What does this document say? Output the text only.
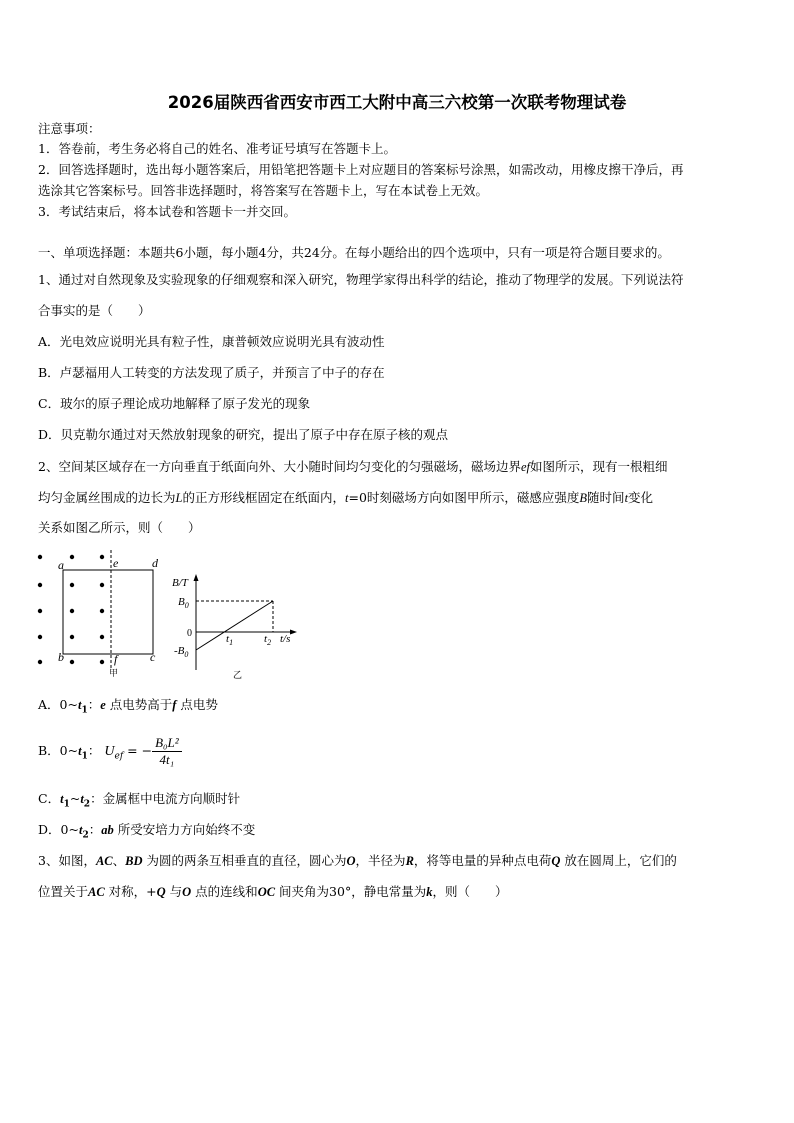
2026届陕西省西安市西工大附中高三六校第一次联考物理试卷
注意事项：
1．答卷前，考生务必将自己的姓名、准考证号填写在答题卡上。
2．回答选择题时，选出每小题答案后，用铅笔把答题卡上对应题目的答案标号涂黑，如需改动，用橡皮擦干净后，再
选涂其它答案标号。回答非选择题时，将答案写在答题卡上，写在本试卷上无效。
3．考试结束后，将本试卷和答题卡一并交回。
一、单项选择题：本题共6小题，每小题4分，共24分。在每小题给出的四个选项中，只有一项是符合题目要求的。
1、通过对自然现象及实验现象的仔细观察和深入研究，物理学家得出科学的结论，推动了物理学的发展。下列说法符
合事实的是（　　）
A．光电效应说明光具有粒子性，康普顿效应说明光具有波动性
B．卢瑟福用人工转变的方法发现了质子，并预言了中子的存在
C．玻尔的原子理论成功地解释了原子发光的现象
D．贝克勒尔通过对天然放射现象的研究，提出了原子中存在原子核的观点
2、空间某区域存在一方向垂直于纸面向外、大小随时间均匀变化的匀强磁场，磁场边界ef如图所示，现有一根粗细
均匀金属丝围成的边长为L的正方形线框固定在纸面内，t=0时刻磁场方向如图甲所示，磁感应强度B随时间t变化
关系如图乙所示，则（　　）
a	e	d
b	f	c
甲
B/T
$B_0$
0
$-B_0$
$t_1$	$t_2$ t/s
乙
A．$0\sim t_1$：e 点电势高于f 点电势
B．$0\sim t_1$： $U_{ef}$ = − $\frac{\text{B₀L²}}{\text{4t₁}}$
C．$t_1\sim t_2$：金属框中电流方向顺时针
D．$0\sim t_2$：ab 所受安培力方向始终不变
3、如图，AC、BD 为圆的两条互相垂直的直径，圆心为O，半径为R，将等电量的异种点电荷Q 放在圆周上，它们的
位置关于AC 对称，+Q 与O 点的连线和OC 间夹角为30°，静电常量为k，则（　　）
